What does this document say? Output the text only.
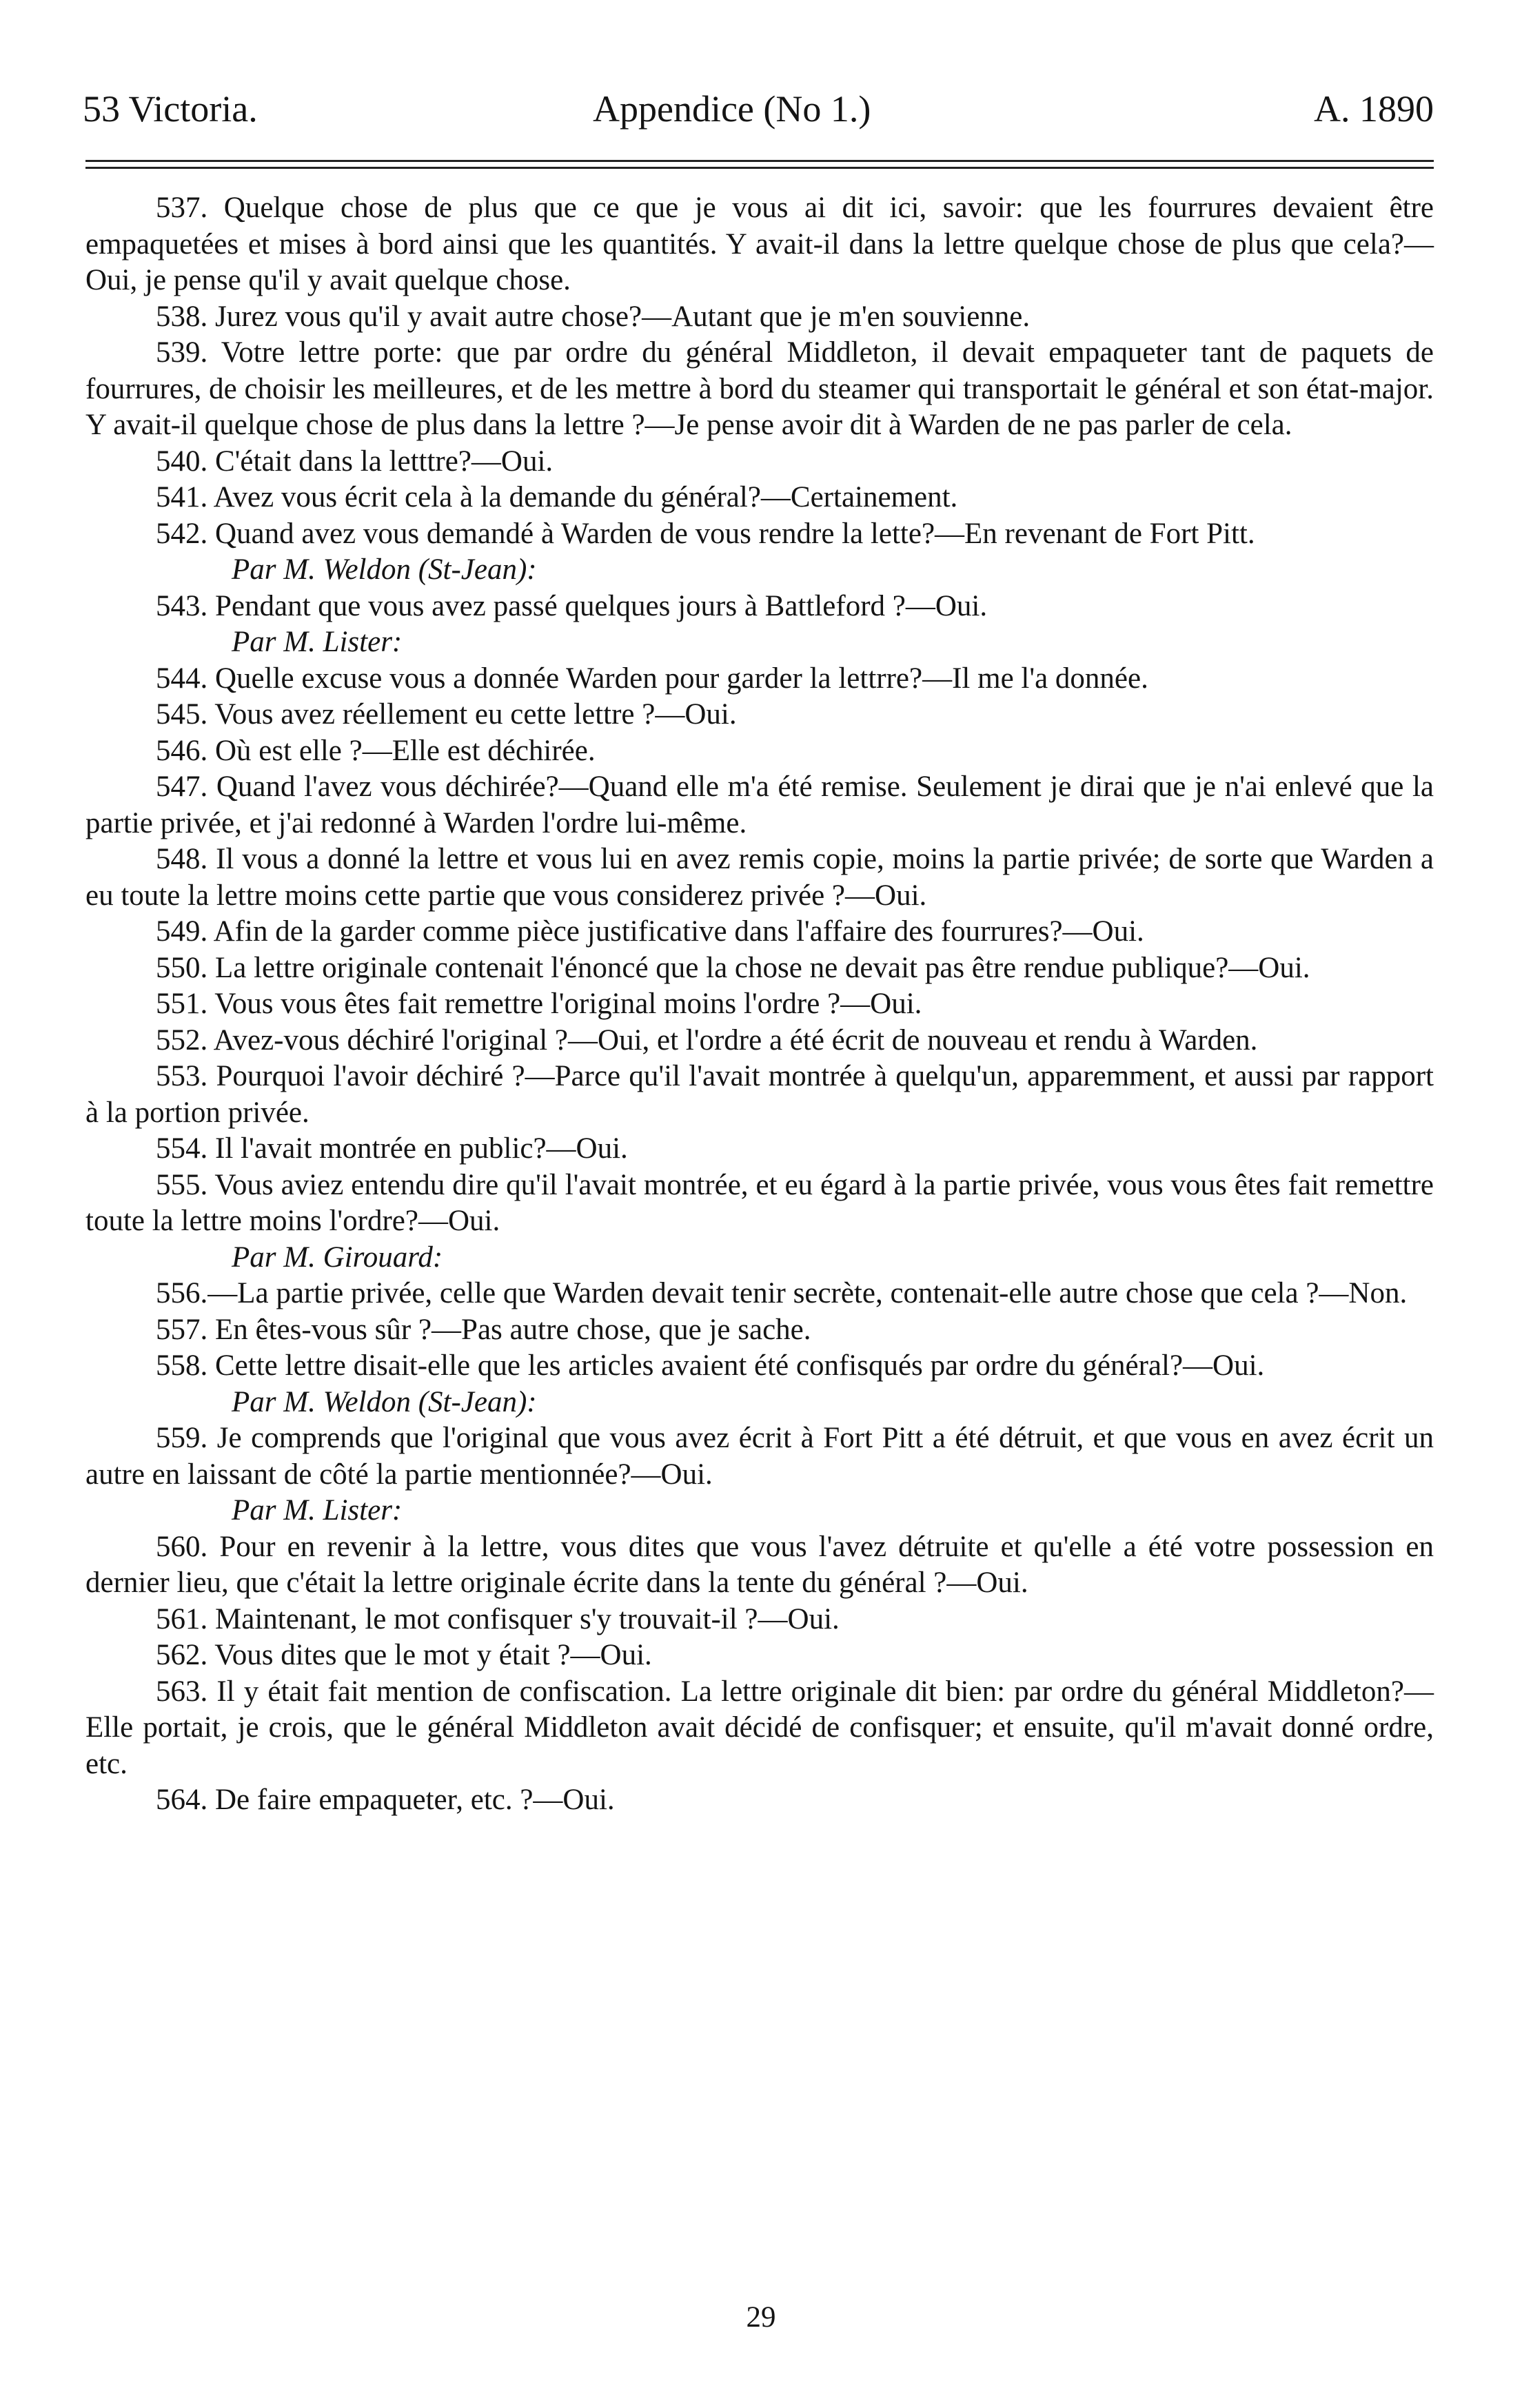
53 Victoria.	Appendice (No 1.)	A. 1890

537. Quelque chose de plus que ce que je vous ai dit ici, savoir: que les fourrures devaient être empaquetées et mises à bord ainsi que les quantités. Y avait-il dans la lettre quelque chose de plus que cela?—Oui, je pense qu'il y avait quelque chose.

538. Jurez vous qu'il y avait autre chose?—Autant que je m'en souvienne.

539. Votre lettre porte: que par ordre du général Middleton, il devait empaqueter tant de paquets de fourrures, de choisir les meilleures, et de les mettre à bord du steamer qui transportait le général et son état-major. Y avait-il quelque chose de plus dans la lettre ?—Je pense avoir dit à Warden de ne pas parler de cela.

540. C'était dans la letttre?—Oui.

541. Avez vous écrit cela à la demande du général?—Certainement.

542. Quand avez vous demandé à Warden de vous rendre la lette?—En revenant de Fort Pitt.

Par M. Weldon (St-Jean):

543. Pendant que vous avez passé quelques jours à Battleford ?—Oui.

Par M. Lister:

544. Quelle excuse vous a donnée Warden pour garder la lettrre?—Il me l'a donnée.

545. Vous avez réellement eu cette lettre ?—Oui.

546. Où est elle ?—Elle est déchirée.

547. Quand l'avez vous déchirée?—Quand elle m'a été remise. Seulement je dirai que je n'ai enlevé que la partie privée, et j'ai redonné à Warden l'ordre lui-même.

548. Il vous a donné la lettre et vous lui en avez remis copie, moins la partie privée; de sorte que Warden a eu toute la lettre moins cette partie que vous considerez privée ?—Oui.

549. Afin de la garder comme pièce justificative dans l'affaire des fourrures?—Oui.

550. La lettre originale contenait l'énoncé que la chose ne devait pas être rendue publique?—Oui.

551. Vous vous êtes fait remettre l'original moins l'ordre ?—Oui.

552. Avez-vous déchiré l'original ?—Oui, et l'ordre a été écrit de nouveau et rendu à Warden.

553. Pourquoi l'avoir déchiré ?—Parce qu'il l'avait montrée à quelqu'un, apparemment, et aussi par rapport à la portion privée.

554. Il l'avait montrée en public?—Oui.

555. Vous aviez entendu dire qu'il l'avait montrée, et eu égard à la partie privée, vous vous êtes fait remettre toute la lettre moins l'ordre?—Oui.

Par M. Girouard:

556.—La partie privée, celle que Warden devait tenir secrète, contenait-elle autre chose que cela ?—Non.

557. En êtes-vous sûr ?—Pas autre chose, que je sache.

558. Cette lettre disait-elle que les articles avaient été confisqués par ordre du général?—Oui.

Par M. Weldon (St-Jean):

559. Je comprends que l'original que vous avez écrit à Fort Pitt a été détruit, et que vous en avez écrit un autre en laissant de côté la partie mentionnée?—Oui.

Par M. Lister:

560. Pour en revenir à la lettre, vous dites que vous l'avez détruite et qu'elle a été votre possession en dernier lieu, que c'était la lettre originale écrite dans la tente du général ?—Oui.

561. Maintenant, le mot confisquer s'y trouvait-il ?—Oui.

562. Vous dites que le mot y était ?—Oui.

563. Il y était fait mention de confiscation. La lettre originale dit bien: par ordre du général Middleton?—Elle portait, je crois, que le général Middleton avait décidé de confisquer; et ensuite, qu'il m'avait donné ordre, etc.

564. De faire empaqueter, etc. ?—Oui.

29
